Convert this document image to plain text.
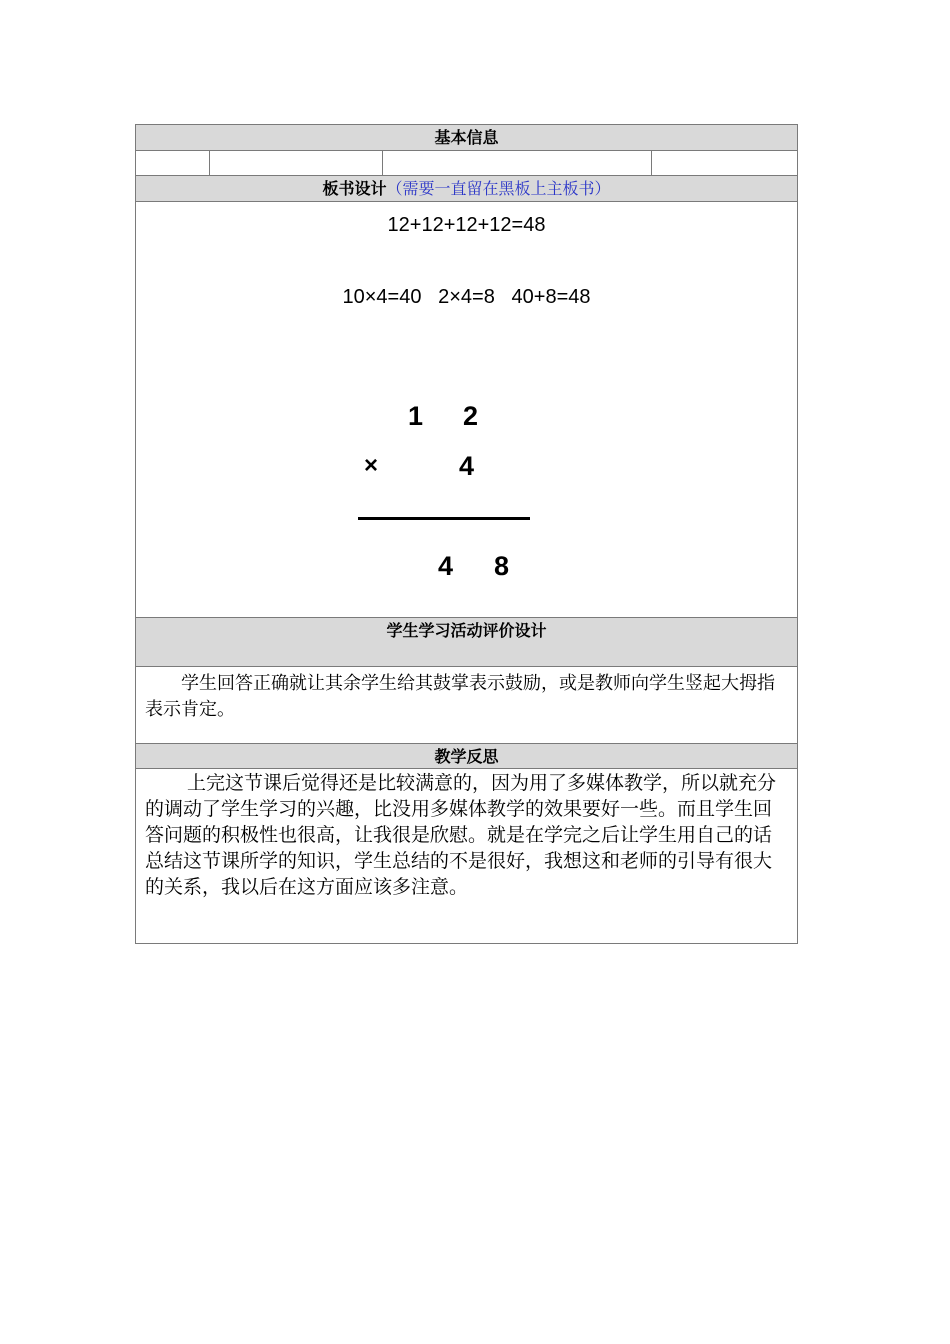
基本信息
板书设计（需要一直留在黑板上主板书）
12+12+12+12=48
10×4=40   2×4=8   40+8=48
1 2
×	4
4 8
学生学习活动评价设计
学生回答正确就让其余学生给其鼓掌表示鼓励，或是教师向学生竖起大拇指表示肯定。
教学反思
上完这节课后觉得还是比较满意的，因为用了多媒体教学，所以就充分的调动了学生学习的兴趣，比没用多媒体教学的效果要好一些。而且学生回答问题的积极性也很高，让我很是欣慰。就是在学完之后让学生用自己的话总结这节课所学的知识，学生总结的不是很好，我想这和老师的引导有很大的关系，我以后在这方面应该多注意。
